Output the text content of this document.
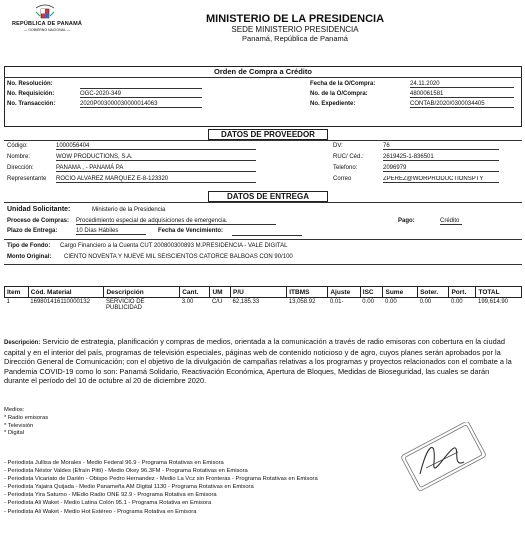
REPÚBLICA DE PANAMÁ
— GOBIERNO NACIONAL —
MINISTERIO DE LA PRESIDENCIA
SEDE MINISTERIO PRESIDENCIA
Panamá, República de Panamá
Orden de Compra a Crédito
No. Resolución:
No. Requisición:	OGC-2020-349
No. Transacción:	2020P003000030000014063
Fecha de la O/Compra:	24.11.2020
No. de la O/Compra:	4800061581
No. Expediente:	CONTAB/2020/0300034405
DATOS DE PROVEEDOR
Código:	1000056404
Nombre:	WOW PRODUCTIONS, S.A.
Dirección:	PANAMA , - PANAMÁ PA
Representante ROCIO ALVAREZ MARQUEZ E-8-123320
DV:	76
RUC/ Céd.:	2619425-1-836501
Telefono:	2096979
Correo	ZPEREZ@WORPRODUCTIONSPTY
DATOS DE ENTREGA
Unidad Solicitante:	Ministerio de la Presidencia
Proceso de Compras: Procedimiento especial de adquisiciones de emergencia.
Plazo de Entrega:	10 Días Hábiles	Fecha de Vencimiento:
Pago:	Crédito
Tipo de Fondo: Cargo Financiero a la Cuenta CUT 200800300893 M.PRESIDENCIA - VALE DIGITAL
Monto Original: CIENTO NOVENTA Y NUEVE MIL SEISCIENTOS CATORCE BALBOAS CON 90/100
Item	Cód. Material	Descripción	Cant.	UM	P/U	ITBMS	Ajuste	ISC	Sume	Soter.	Port.	TOTAL
1	169801416110000132	SERVICIO DE PUBLICIDAD	3.00	C/U	62,185.33	13,058.92	0.01-	0.00	0.00	0.00	0.00	199,614.90
Descripción: Servicio de estrategia, planificación y compras de medios, orientada a la comunicación a través de radio emisoras con cobertura en la ciudad capital y en el interior del país, programas de televisión especiales, páginas web de contenido noticioso y de agro, cuyos planes serán aprobados por la Dirección General de Comunicación; con el objetivo de la divulgación de campañas relativas a los programas y proyectos relacionados con el combate a la Pandemia COVID-19 como lo son: Panamá Solidario, Reactivación Económica, Apertura de Bloques, Medidas de Bioseguridad, las cuales se darán durante el período del 10 de octubre al 20 de diciembre 2020.
Medios:
* Radio emisoras
* Televisión
* Digital
- Periodista Jullisa de Morales - Medio Federal 96.9 - Programa Rotativas en Emisora
- Periodista Néstor Valdes (Efraín Pitti) - Medio Okey 96.3FM - Programa Rotativas en Emisora
- Periodista Vicariato de Darién - Obispo Pedro Hernandez - Medio La Vcz sin Fronteras - Programa Rotativas en Emisora
- Periodista Yajaira Quijada - Medio Panameña AM Digital 1130 - Programa Rotativas en Emisora
- Periodista Yira Saturno - MEdio Radio ONE 92.9 - Programa Rotativa en Emisora
- Periodista Ali Waket - Medio Latina Colón 95.1 - Programa Rotativa en Emisora
- Periodista Ali Waket - Medio Hot Estéreo - Programa Rotativa en Emisora
